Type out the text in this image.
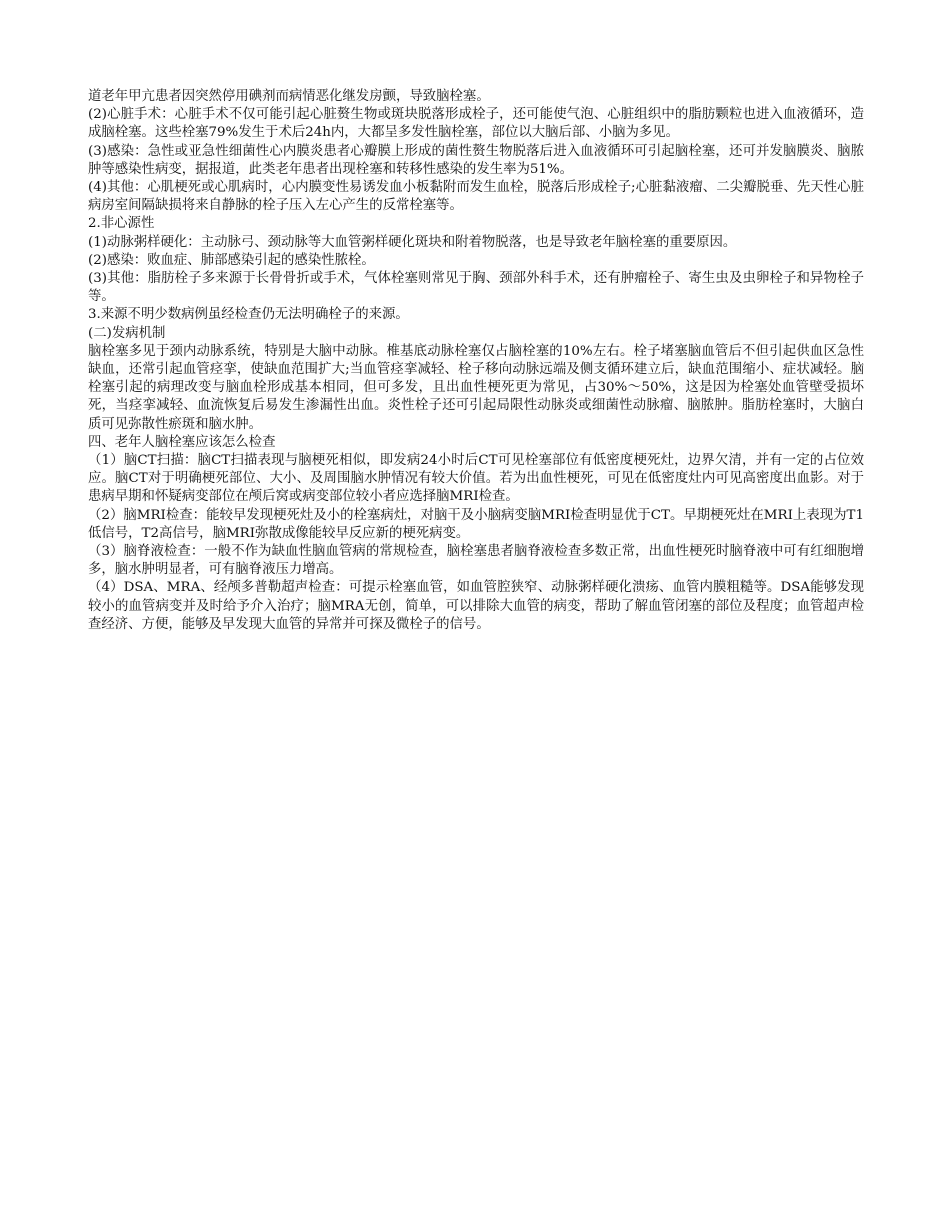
道老年甲亢患者因突然停用碘剂而病情恶化继发房颤，导致脑栓塞。

(2)心脏手术：心脏手术不仅可能引起心脏赘生物或斑块脱落形成栓子，还可能使气泡、心脏组织中的脂肪颗粒也进入血液循环，造成脑栓塞。这些栓塞79%发生于术后24h内，大都呈多发性脑栓塞，部位以大脑后部、小脑为多见。

(3)感染：急性或亚急性细菌性心内膜炎患者心瓣膜上形成的菌性赘生物脱落后进入血液循环可引起脑栓塞，还可并发脑膜炎、脑脓肿等感染性病变，据报道，此类老年患者出现栓塞和转移性感染的发生率为51%。

(4)其他：心肌梗死或心肌病时，心内膜变性易诱发血小板黏附而发生血栓，脱落后形成栓子;心脏黏液瘤、二尖瓣脱垂、先天性心脏病房室间隔缺损将来自静脉的栓子压入左心产生的反常栓塞等。

2.非心源性

(1)动脉粥样硬化：主动脉弓、颈动脉等大血管粥样硬化斑块和附着物脱落，也是导致老年脑栓塞的重要原因。

(2)感染：败血症、肺部感染引起的感染性脓栓。

(3)其他：脂肪栓子多来源于长骨骨折或手术，气体栓塞则常见于胸、颈部外科手术，还有肿瘤栓子、寄生虫及虫卵栓子和异物栓子等。

3.来源不明少数病例虽经检查仍无法明确栓子的来源。

(二)发病机制

脑栓塞多见于颈内动脉系统，特别是大脑中动脉。椎基底动脉栓塞仅占脑栓塞的10%左右。栓子堵塞脑血管后不但引起供血区急性缺血，还常引起血管痉挛，使缺血范围扩大;当血管痉挛减轻、栓子移向动脉远端及侧支循环建立后，缺血范围缩小、症状减轻。脑栓塞引起的病理改变与脑血栓形成基本相同，但可多发，且出血性梗死更为常见，占30%～50%，这是因为栓塞处血管壁受损坏死，当痉挛减轻、血流恢复后易发生渗漏性出血。炎性栓子还可引起局限性动脉炎或细菌性动脉瘤、脑脓肿。脂肪栓塞时，大脑白质可见弥散性瘀斑和脑水肿。

四、老年人脑栓塞应该怎么检查

（1）脑CT扫描：脑CT扫描表现与脑梗死相似，即发病24小时后CT可见栓塞部位有低密度梗死灶，边界欠清，并有一定的占位效应。脑CT对于明确梗死部位、大小、及周围脑水肿情况有较大价值。若为出血性梗死，可见在低密度灶内可见高密度出血影。对于患病早期和怀疑病变部位在颅后窝或病变部位较小者应选择脑MRI检查。

（2）脑MRI检查：能较早发现梗死灶及小的栓塞病灶，对脑干及小脑病变脑MRI检查明显优于CT。早期梗死灶在MRI上表现为T1低信号，T2高信号，脑MRI弥散成像能较早反应新的梗死病变。

（3）脑脊液检查：一般不作为缺血性脑血管病的常规检查，脑栓塞患者脑脊液检查多数正常，出血性梗死时脑脊液中可有红细胞增多，脑水肿明显者，可有脑脊液压力增高。

（4）DSA、MRA、经颅多普勒超声检查：可提示栓塞血管，如血管腔狭窄、动脉粥样硬化溃疡、血管内膜粗糙等。DSA能够发现较小的血管病变并及时给予介入治疗；脑MRA无创，简单，可以排除大血管的病变，帮助了解血管闭塞的部位及程度；血管超声检查经济、方便，能够及早发现大血管的异常并可探及微栓子的信号。
